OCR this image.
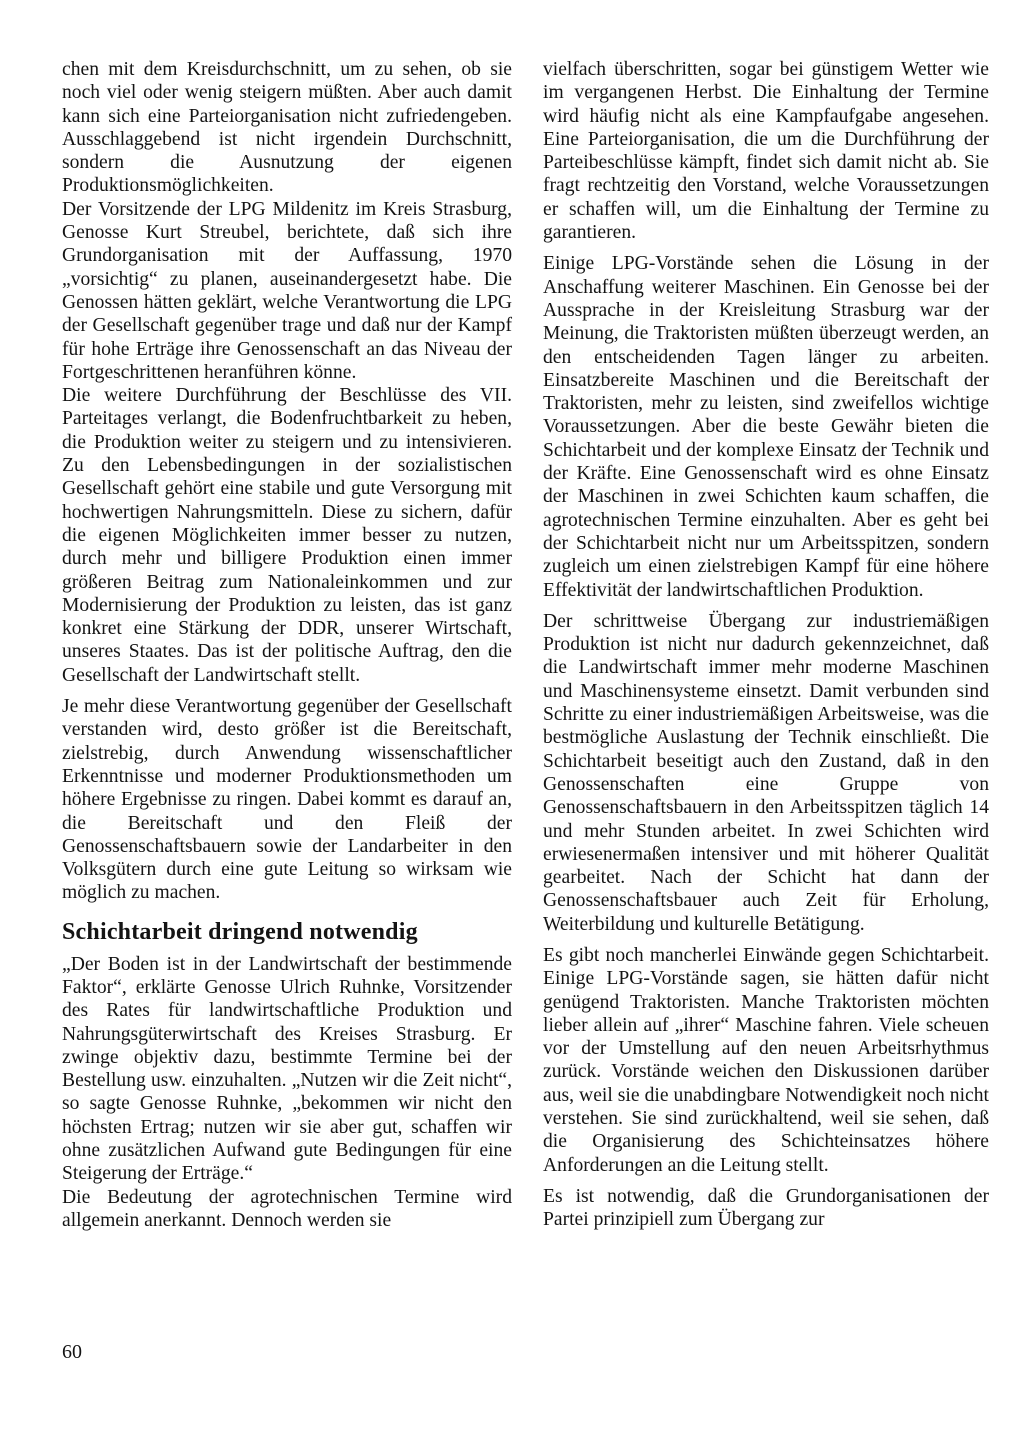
chen mit dem Kreisdurchschnitt, um zu sehen, ob sie noch viel oder wenig steigern müßten. Aber auch damit kann sich eine Parteiorganisation nicht zufriedengeben. Ausschlaggebend ist nicht irgendein Durchschnitt, sondern die Ausnutzung der eigenen Produktionsmöglichkeiten.

Der Vorsitzende der LPG Mildenitz im Kreis Strasburg, Genosse Kurt Streubel, berichtete, daß sich ihre Grundorganisation mit der Auffassung, 1970 „vorsichtig“ zu planen, auseinandergesetzt habe. Die Genossen hätten geklärt, welche Verantwortung die LPG der Gesellschaft gegenüber trage und daß nur der Kampf für hohe Erträge ihre Genossenschaft an das Niveau der Fortgeschrittenen heranführen könne.

Die weitere Durchführung der Beschlüsse des VII. Parteitages verlangt, die Bodenfruchtbarkeit zu heben, die Produktion weiter zu steigern und zu intensivieren. Zu den Lebensbedingungen in der sozialistischen Gesellschaft gehört eine stabile und gute Versorgung mit hochwertigen Nahrungsmitteln. Diese zu sichern, dafür die eigenen Möglichkeiten immer besser zu nutzen, durch mehr und billigere Produktion einen immer größeren Beitrag zum Nationaleinkommen und zur Modernisierung der Produktion zu leisten, das ist ganz konkret eine Stärkung der DDR, unserer Wirtschaft, unseres Staates. Das ist der politische Auftrag, den die Gesellschaft der Landwirtschaft stellt.

Je mehr diese Verantwortung gegenüber der Gesellschaft verstanden wird, desto größer ist die Bereitschaft, zielstrebig, durch Anwendung wissenschaftlicher Erkenntnisse und moderner Produktionsmethoden um höhere Ergebnisse zu ringen. Dabei kommt es darauf an, die Bereitschaft und den Fleiß der Genossenschaftsbauern sowie der Landarbeiter in den Volksgütern durch eine gute Leitung so wirksam wie möglich zu machen.

Schichtarbeit dringend notwendig

„Der Boden ist in der Landwirtschaft der bestimmende Faktor“, erklärte Genosse Ulrich Ruhnke, Vorsitzender des Rates für landwirtschaftliche Produktion und Nahrungsgüterwirtschaft des Kreises Strasburg. Er zwinge objektiv dazu, bestimmte Termine bei der Bestellung usw. einzuhalten. „Nutzen wir die Zeit nicht“, so sagte Genosse Ruhnke, „bekommen wir nicht den höchsten Ertrag; nutzen wir sie aber gut, schaffen wir ohne zusätzlichen Aufwand gute Bedingungen für eine Steigerung der Erträge.“

Die Bedeutung der agrotechnischen Termine wird allgemein anerkannt. Dennoch werden sie

vielfach überschritten, sogar bei günstigem Wetter wie im vergangenen Herbst. Die Einhaltung der Termine wird häufig nicht als eine Kampfaufgabe angesehen. Eine Parteiorganisation, die um die Durchführung der Parteibeschlüsse kämpft, findet sich damit nicht ab. Sie fragt rechtzeitig den Vorstand, welche Voraussetzungen er schaffen will, um die Einhaltung der Termine zu garantieren.

Einige LPG-Vorstände sehen die Lösung in der Anschaffung weiterer Maschinen. Ein Genosse bei der Aussprache in der Kreisleitung Strasburg war der Meinung, die Traktoristen müßten überzeugt werden, an den entscheidenden Tagen länger zu arbeiten. Einsatzbereite Maschinen und die Bereitschaft der Traktoristen, mehr zu leisten, sind zweifellos wichtige Voraussetzungen. Aber die beste Gewähr bieten die Schichtarbeit und der komplexe Einsatz der Technik und der Kräfte. Eine Genossenschaft wird es ohne Einsatz der Maschinen in zwei Schichten kaum schaffen, die agrotechnischen Termine einzuhalten. Aber es geht bei der Schichtarbeit nicht nur um Arbeitsspitzen, sondern zugleich um einen zielstrebigen Kampf für eine höhere Effektivität der landwirtschaftlichen Produktion.

Der schrittweise Übergang zur industriemäßigen Produktion ist nicht nur dadurch gekennzeichnet, daß die Landwirtschaft immer mehr moderne Maschinen und Maschinensysteme einsetzt. Damit verbunden sind Schritte zu einer industriemäßigen Arbeitsweise, was die bestmögliche Auslastung der Technik einschließt. Die Schichtarbeit beseitigt auch den Zustand, daß in den Genossenschaften eine Gruppe von Genossenschaftsbauern in den Arbeitsspitzen täglich 14 und mehr Stunden arbeitet. In zwei Schichten wird erwiesenermaßen intensiver und mit höherer Qualität gearbeitet. Nach der Schicht hat dann der Genossenschaftsbauer auch Zeit für Erholung, Weiterbildung und kulturelle Betätigung.

Es gibt noch mancherlei Einwände gegen Schichtarbeit. Einige LPG-Vorstände sagen, sie hätten dafür nicht genügend Traktoristen. Manche Traktoristen möchten lieber allein auf „ihrer“ Maschine fahren. Viele scheuen vor der Umstellung auf den neuen Arbeitsrhythmus zurück. Vorstände weichen den Diskussionen darüber aus, weil sie die unabdingbare Notwendigkeit noch nicht verstehen. Sie sind zurückhaltend, weil sie sehen, daß die Organisierung des Schichteinsatzes höhere Anforderungen an die Leitung stellt.

Es ist notwendig, daß die Grundorganisationen der Partei prinzipiell zum Übergang zur

60
